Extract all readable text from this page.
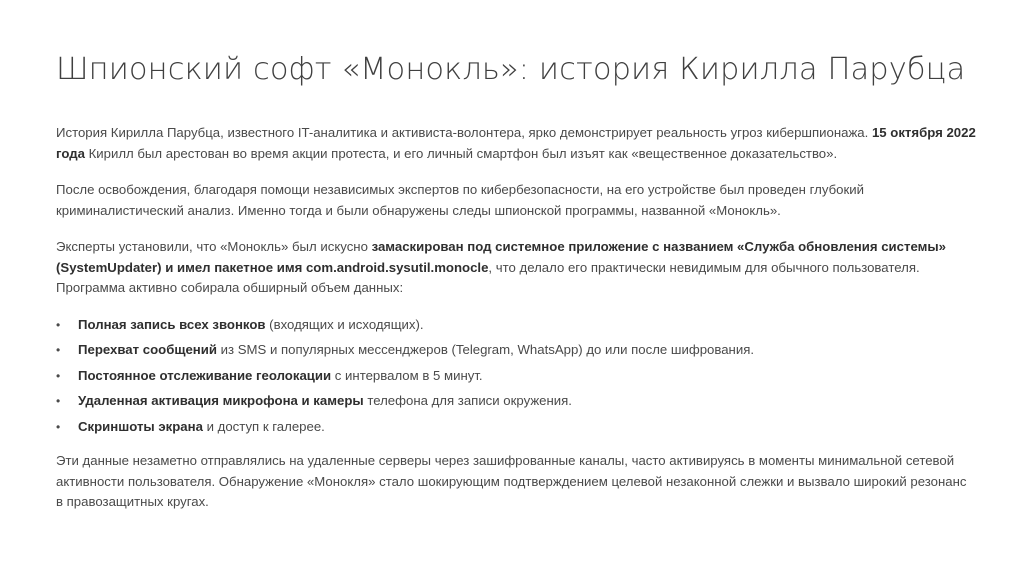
Шпионский софт «Монокль»: история Кирилла Парубца

История Кирилла Парубца, известного IT-аналитика и активиста-волонтера, ярко демонстрирует реальность угроз кибершпионажа. 15 октября 2022 года Кирилл был арестован во время акции протеста, и его личный смартфон был изъят как «вещественное доказательство».

После освобождения, благодаря помощи независимых экспертов по кибербезопасности, на его устройстве был проведен глубокий криминалистический анализ. Именно тогда и были обнаружены следы шпионской программы, названной «Монокль».

Эксперты установили, что «Монокль» был искусно замаскирован под системное приложение с названием «Служба обновления системы» (SystemUpdater) и имел пакетное имя com.android.sysutil.monocle, что делало его практически невидимым для обычного пользователя. Программа активно собирала обширный объем данных:

• Полная запись всех звонков (входящих и исходящих).
• Перехват сообщений из SMS и популярных мессенджеров (Telegram, WhatsApp) до или после шифрования.
• Постоянное отслеживание геолокации с интервалом в 5 минут.
• Удаленная активация микрофона и камеры телефона для записи окружения.
• Скриншоты экрана и доступ к галерее.

Эти данные незаметно отправлялись на удаленные серверы через зашифрованные каналы, часто активируясь в моменты минимальной сетевой активности пользователя. Обнаружение «Монокля» стало шокирующим подтверждением целевой незаконной слежки и вызвало широкий резонанс в правозащитных кругах.
